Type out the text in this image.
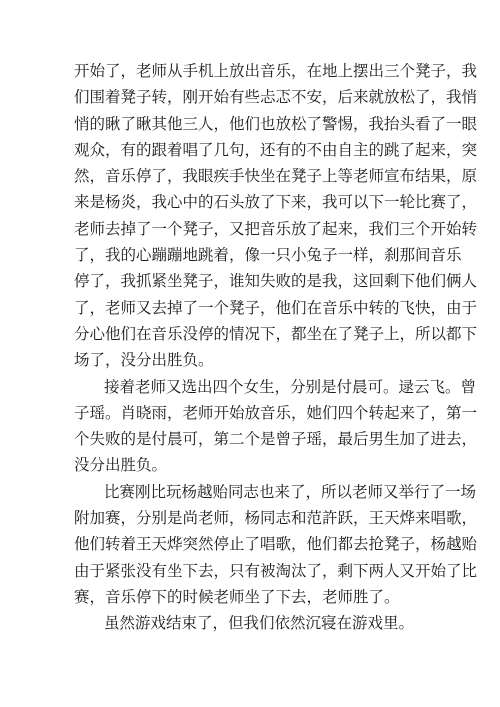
开始了，老师从手机上放出音乐，在地上摆出三个凳子，我
们围着凳子转，刚开始有些忐忑不安，后来就放松了，我悄
悄的瞅了瞅其他三人，他们也放松了警惕，我抬头看了一眼
观众，有的跟着唱了几句，还有的不由自主的跳了起来，突
然，音乐停了，我眼疾手快坐在凳子上等老师宣布结果，原
来是杨炎，我心中的石头放了下来，我可以下一轮比赛了，
老师去掉了一个凳子，又把音乐放了起来，我们三个开始转
了，我的心蹦蹦地跳着，像一只小兔子一样，刹那间音乐
停了，我抓紧坐凳子，谁知失败的是我，这回剩下他们俩人
了，老师又去掉了一个凳子，他们在音乐中转的飞快，由于
分心他们在音乐没停的情况下，都坐在了凳子上，所以都下
场了，没分出胜负。
接着老师又选出四个女生，分别是付晨可。逯云飞。曾
子瑶。肖晓雨，老师开始放音乐，她们四个转起来了，第一
个失败的是付晨可，第二个是曾子瑶，最后男生加了进去，
没分出胜负。
比赛刚比玩杨越贻同志也来了，所以老师又举行了一场
附加赛，分别是尚老师，杨同志和范許跃，王天烨来唱歌，
他们转着王天烨突然停止了唱歌，他们都去抢凳子，杨越贻
由于紧张没有坐下去，只有被淘汰了，剩下两人又开始了比
赛，音乐停下的时候老师坐了下去，老师胜了。
虽然游戏结束了，但我们依然沉寝在游戏里。
